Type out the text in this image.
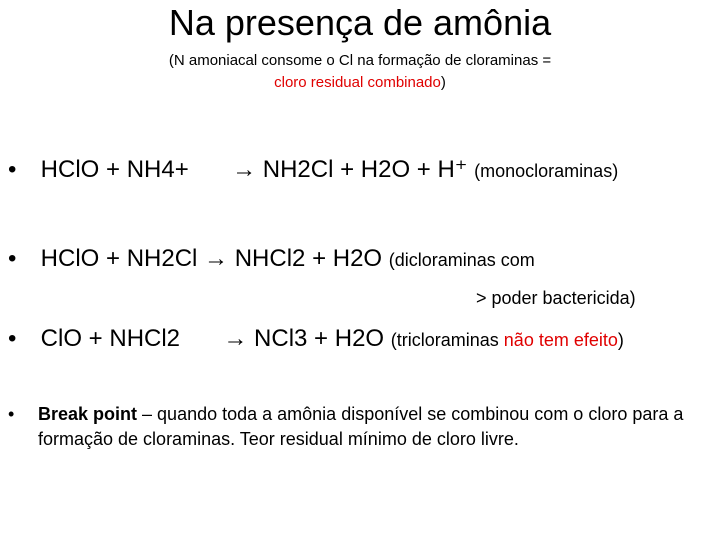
Na presença de amônia
(N amoniacal consome o Cl na formação de cloraminas =
cloro residual combinado)
• HClO + NH4+ → NH2Cl + H2O + H⁺ (monocloraminas)
• HClO + NH2Cl → NHCl2 + H2O (dicloraminas com
> poder bactericida)
• ClO + NHCl2 → NCl3 + H2O (tricloraminas não tem efeito)
• Break point – quando toda a amônia disponível se combinou com o cloro para a formação de cloraminas. Teor residual mínimo de cloro livre.
